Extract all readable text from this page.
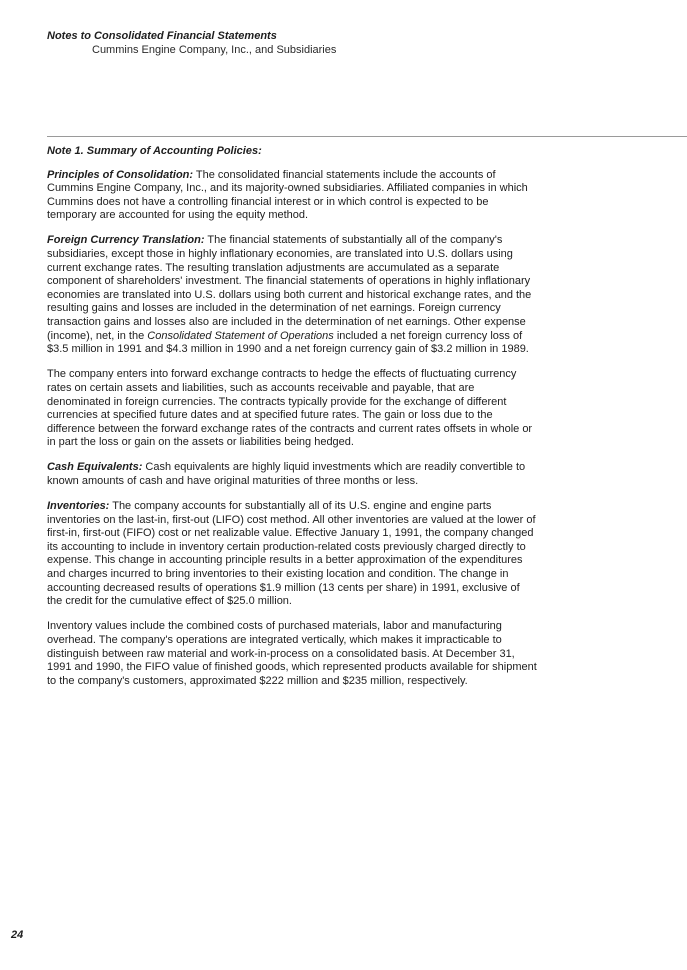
Notes to Consolidated Financial Statements

Cummins Engine Company, Inc., and Subsidiaries

Note 1. Summary of Accounting Policies:

Principles of Consolidation: The consolidated financial statements include the accounts of Cummins Engine Company, Inc., and its majority-owned subsidiaries. Affiliated companies in which Cummins does not have a controlling financial interest or in which control is expected to be temporary are accounted for using the equity method.

Foreign Currency Translation: The financial statements of substantially all of the company's subsidiaries, except those in highly inflationary economies, are translated into U.S. dollars using current exchange rates. The resulting translation adjustments are accumulated as a separate component of shareholders' investment. The financial statements of operations in highly inflationary economies are translated into U.S. dollars using both current and historical exchange rates, and the resulting gains and losses are included in the determination of net earnings. Foreign currency transaction gains and losses also are included in the determination of net earnings. Other expense (income), net, in the Consolidated Statement of Operations included a net foreign currency loss of $3.5 million in 1991 and $4.3 million in 1990 and a net foreign currency gain of $3.2 million in 1989.

The company enters into forward exchange contracts to hedge the effects of fluctuating currency rates on certain assets and liabilities, such as accounts receivable and payable, that are denominated in foreign currencies. The contracts typically provide for the exchange of different currencies at specified future dates and at specified future rates. The gain or loss due to the difference between the forward exchange rates of the contracts and current rates offsets in whole or in part the loss or gain on the assets or liabilities being hedged.

Cash Equivalents: Cash equivalents are highly liquid investments which are readily convertible to known amounts of cash and have original maturities of three months or less.

Inventories: The company accounts for substantially all of its U.S. engine and engine parts inventories on the last-in, first-out (LIFO) cost method. All other inventories are valued at the lower of first-in, first-out (FIFO) cost or net realizable value. Effective January 1, 1991, the company changed its accounting to include in inventory certain production-related costs previously charged directly to expense. This change in accounting principle results in a better approximation of the expenditures and charges incurred to bring inventories to their existing location and condition. The change in accounting decreased results of operations $1.9 million (13 cents per share) in 1991, exclusive of the credit for the cumulative effect of $25.0 million.

Inventory values include the combined costs of purchased materials, labor and manufacturing overhead. The company's operations are integrated vertically, which makes it impracticable to distinguish between raw material and work-in-process on a consolidated basis. At December 31, 1991 and 1990, the FIFO value of finished goods, which represented products available for shipment to the company's customers, approximated $222 million and $235 million, respectively.

24
